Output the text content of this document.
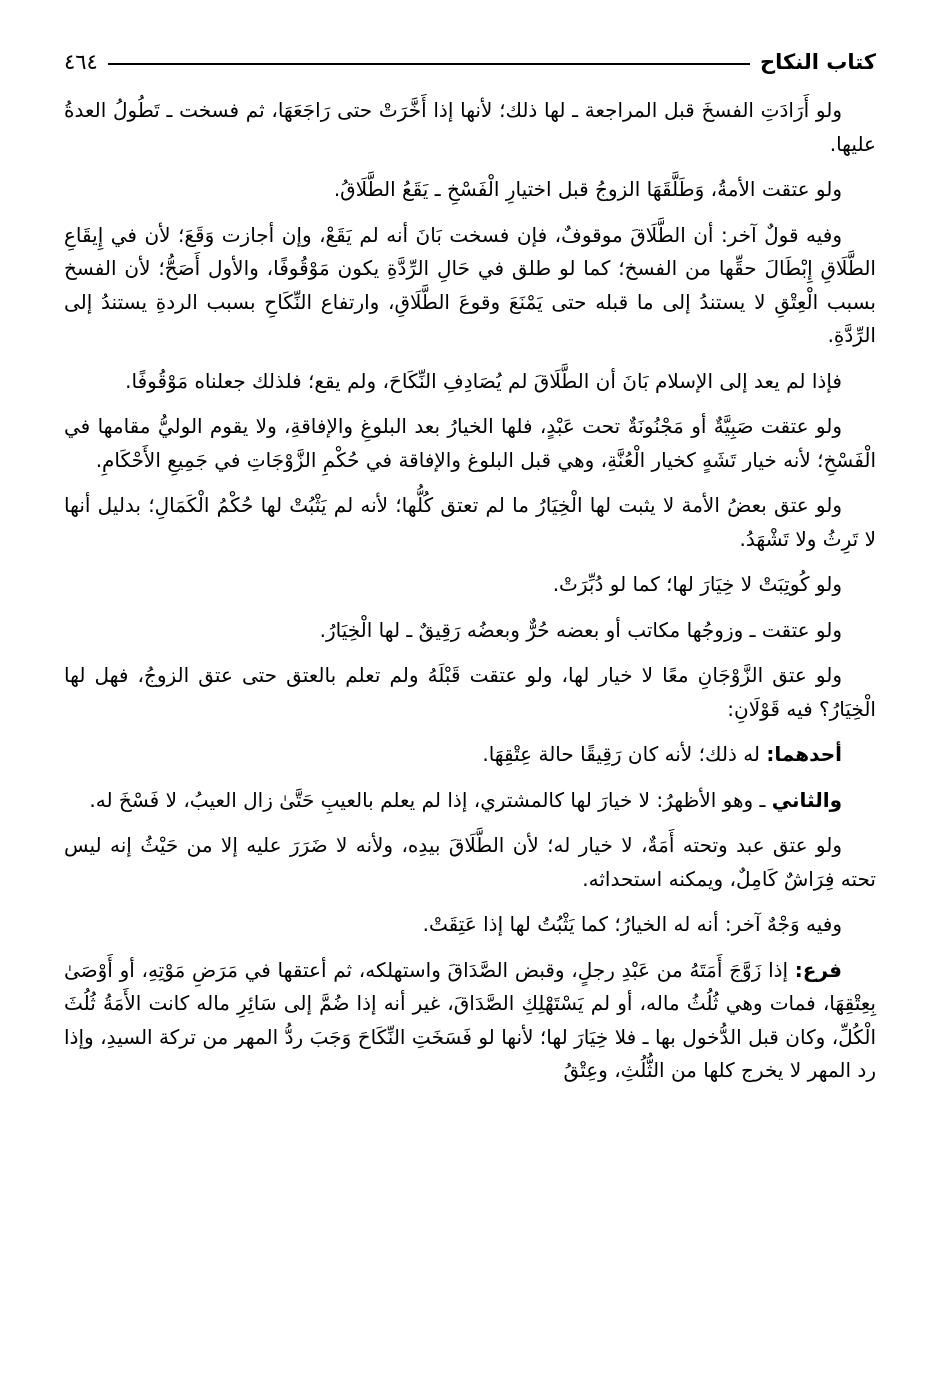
كتاب النكاح
٤٦٤

ولو أَرَادَتِ الفسخَ قبل المراجعة ـ لها ذلك؛ لأنها إذا أَخَّرَتْ حتى رَاجَعَهَا، ثم فسخت ـ تَطُولُ العدةُ عليها.

ولو عتقت الأمةُ، وَطَلَّقَهَا الزوجُ قبل اختيارِ الْفَسْخِ ـ يَقَعُ الطَّلَاقُ.

وفيه قولٌ آخر: أن الطَّلَاقَ موقوفٌ، فإن فسخت بَانَ أنه لم يَقَعْ، وإن أجازت وَقَعَ؛ لأن في إِيقَاعِ الطَّلَاقِ إِبْطَالَ حقِّها من الفسخ؛ كما لو طلق في حَالِ الرِّدَّةِ يكون مَوْقُوفًا، والأول أَصَحُّ؛ لأن الفسخ بسبب الْعِتْقِ لا يستندُ إلى ما قبله حتى يَمْنَعَ وقوعَ الطَّلَاقِ، وارتفاع النِّكَاحِ بسبب الردةِ يستندُ إلى الرِّدَّةِ.

فإذا لم يعد إلى الإسلام بَانَ أن الطَّلَاقَ لم يُصَادِفِ النِّكَاحَ، ولم يقع؛ فلذلك جعلناه مَوْقُوفًا.

ولو عتقت صَبِيَّةٌ أو مَجْنُونَةٌ تحت عَبْدٍ، فلها الخيارُ بعد البلوغِ والإفاقةِ، ولا يقوم الوليُّ مقامها في الْفَسْخِ؛ لأنه خيار تَشَهٍ كخيار الْعُنَّةِ، وهي قبل البلوغ والإفاقة في حُكْمِ الزَّوْجَاتِ في جَمِيعِ الأَحْكَامِ.

ولو عتق بعضُ الأمة لا يثبت لها الْخِيَارُ ما لم تعتق كُلُّها؛ لأنه لم يَثْبُتْ لها حُكْمُ الْكَمَالِ؛ بدليل أنها لا تَرِثُ ولا تَشْهَدُ.

ولو كُوتِبَتْ لا خِيَارَ لها؛ كما لو دُبِّرَتْ.

ولو عتقت ـ وزوجُها مكاتب أو بعضه حُرٌّ وبعضُه رَقِيقٌ ـ لها الْخِيَارُ.

ولو عتق الزَّوْجَانِ معًا لا خيار لها، ولو عتقت قَبْلَهُ ولم تعلم بالعتق حتى عتق الزوجُ، فهل لها الْخِيَارُ؟ فيه قَوْلَانِ:

أحدهما: له ذلك؛ لأنه كان رَقِيقًا حالة عِتْقِهَا.

والثاني ـ وهو الأظهرُ: لا خيارَ لها كالمشتري، إذا لم يعلم بالعيبِ حَتَّىٰ زال العيبُ، لا فَسْخَ له.

ولو عتق عبد وتحته أَمَةٌ، لا خيار له؛ لأن الطَّلَاقَ بيدِه، ولأنه لا ضَرَرَ عليه إلا من حَيْثُ إنه ليس تحته فِرَاشٌ كَامِلٌ، ويمكنه استحداثه.

وفيه وَجْهٌ آخر: أنه له الخيارُ؛ كما يَثْبُتُ لها إذا عَتِقَتْ.

فرع: إذا زَوَّجَ أَمَتَهُ من عَبْدِ رجلٍ، وقبض الصَّدَاقَ واستهلكه، ثم أعتقها في مَرَضِ مَوْتِهِ، أو أَوْصَىٰ بِعِتْقِهَا، فمات وهي ثُلُثُ ماله، أو لم يَسْتَهْلِكِ الصَّدَاقَ، غير أنه إذا ضُمَّ إلى سَائِرِ ماله كانت الأَمَةُ ثُلُثَ الْكُلِّ، وكان قبل الدُّخول بها ـ فلا خِيَارَ لها؛ لأنها لو فَسَخَتِ النِّكَاحَ وَجَبَ ردُّ المهر من تركة السيدِ، وإذا رد المهر لا يخرج كلها من الثُّلُثِ، وعِتْقُ
